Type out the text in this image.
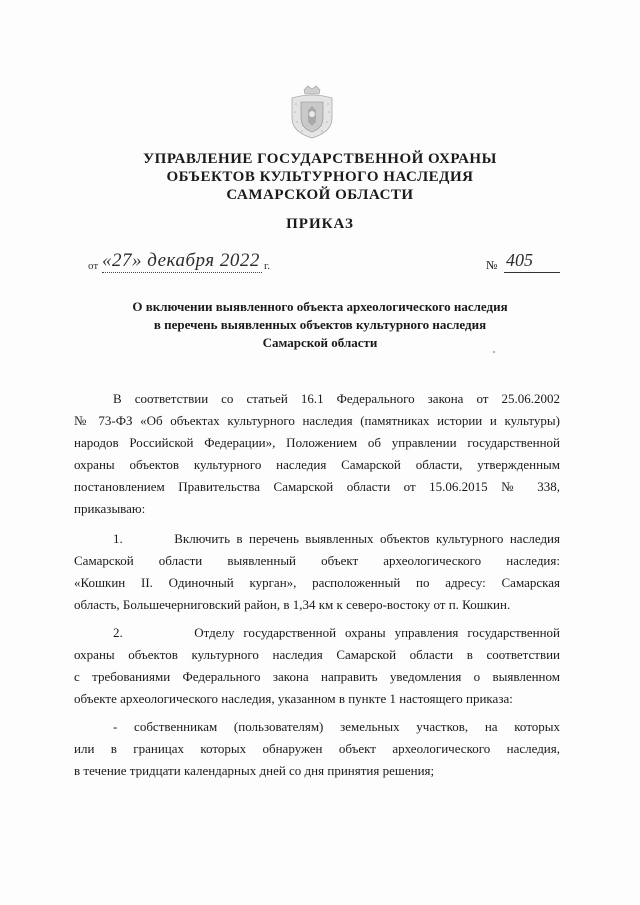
УПРАВЛЕНИЕ ГОСУДАРСТВЕННОЙ ОХРАНЫ
ОБЪЕКТОВ КУЛЬТУРНОГО НАСЛЕДИЯ
САМАРСКОЙ ОБЛАСТИ
ПРИКАЗ
от «27» декабря 2022 г.	№ 405
О включении выявленного объекта археологического наследия
в перечень выявленных объектов культурного наследия
Самарской области
В соответствии со статьей 16.1 Федерального закона от 25.06.2002
№ 73-ФЗ «Об объектах культурного наследия (памятниках истории и культуры)
народов Российской Федерации», Положением об управлении государственной
охраны объектов культурного наследия Самарской области, утвержденным
постановлением Правительства Самарской области от 15.06.2015 № 338,
приказываю:
1.        Включить в перечень выявленных объектов культурного наследия
Самарской области выявленный объект археологического наследия:
«Кошкин II. Одиночный курган», расположенный по адресу: Самарская
область, Большечерниговский район, в 1,34 км к северо-востоку от п. Кошкин.
2.        Отделу государственной охраны управления государственной
охраны объектов культурного наследия Самарской области в соответствии
с требованиями Федерального закона направить уведомления о выявленном
объекте археологического наследия, указанном в пункте 1 настоящего приказа:
- собственникам (пользователям) земельных участков, на которых
или в границах которых обнаружен объект археологического наследия,
в течение тридцати календарных дней со дня принятия решения;
